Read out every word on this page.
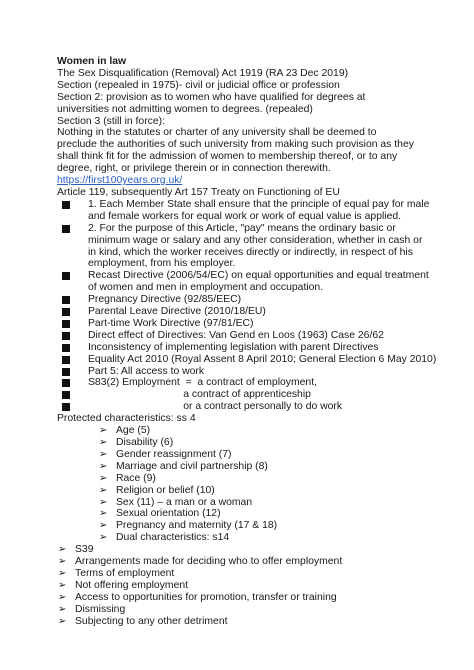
Women in law
The Sex Disqualification (Removal) Act 1919 (RA 23 Dec 2019)
Section (repealed in 1975)- civil or judicial office or profession
Section 2: provision as to women who have qualified for degrees at universities not admitting women to degrees. (repealed)
Section 3 (still in force):
Nothing in the statutes or charter of any university shall be deemed to preclude the authorities of such university from making such provision as they shall think fit for the admission of women to membership thereof, or to any degree, right, or privilege therein or in connection therewith.
https://first100years.org.uk/
Article 119, subsequently Art 157 Treaty on Functioning of EU
1. Each Member State shall ensure that the principle of equal pay for male and female workers for equal work or work of equal value is applied.
2. For the purpose of this Article, "pay" means the ordinary basic or minimum wage or salary and any other consideration, whether in cash or in kind, which the worker receives directly or indirectly, in respect of his employment, from his employer.
Recast Directive (2006/54/EC) on equal opportunities and equal treatment of women and men in employment and occupation.
Pregnancy Directive (92/85/EEC)
Parental Leave Directive (2010/18/EU)
Part-time Work Directive (97/81/EC)
Direct effect of Directives: Van Gend en Loos (1963) Case 26/62
Inconsistency of implementing legislation with parent Directives
Equality Act 2010 (Royal Assent 8 April 2010; General Election 6 May 2010)
Part 5: All access to work
S83(2) Employment  =  a contract of employment,
a contract of apprenticeship
or a contract personally to do work
Protected characteristics: ss 4
➢ Age (5)
➢ Disability (6)
➢ Gender reassignment (7)
➢ Marriage and civil partnership (8)
➢ Race (9)
➢ Religion or belief (10)
➢ Sex (11) – a man or a woman
➢ Sexual orientation (12)
➢ Pregnancy and maternity (17 & 18)
➢ Dual characteristics: s14
➢ S39
➢ Arrangements made for deciding who to offer employment
➢ Terms of employment
➢ Not offering employment
➢ Access to opportunities for promotion, transfer or training
➢ Dismissing
➢ Subjecting to any other detriment
